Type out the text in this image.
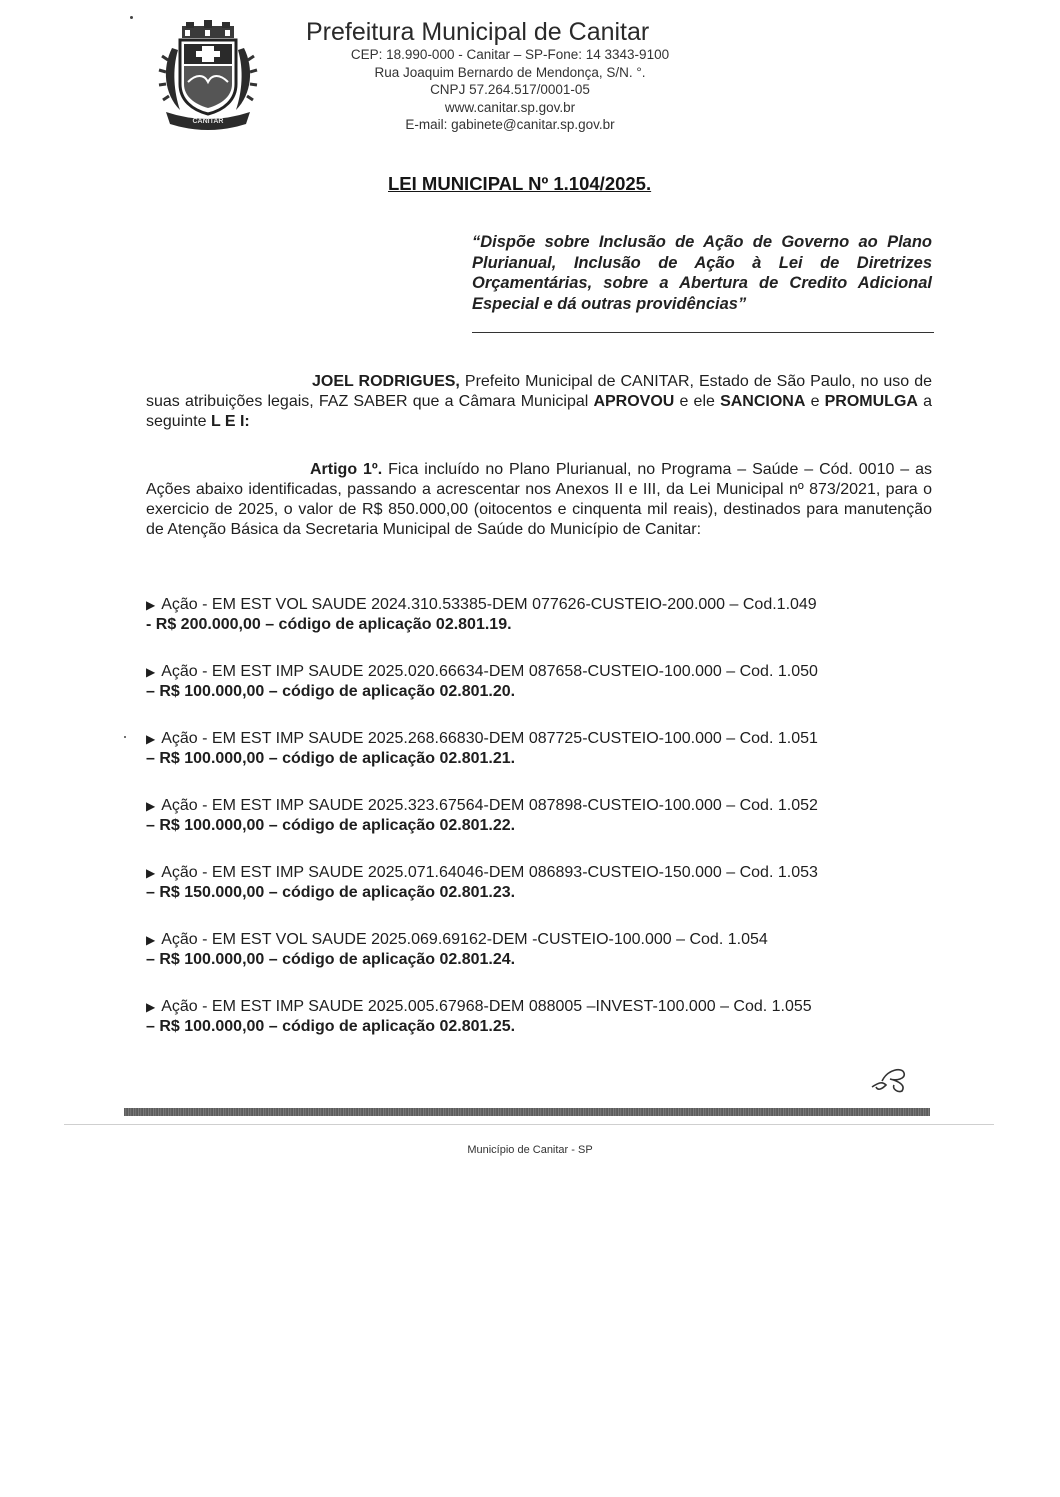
CANITAR
Prefeitura Municipal de Canitar
CEP: 18.990-000 - Canitar – SP-Fone: 14 3343-9100
Rua Joaquim Bernardo de Mendonça, S/N. °.
CNPJ 57.264.517/0001-05
www.canitar.sp.gov.br
E-mail: gabinete@canitar.sp.gov.br
LEI MUNICIPAL Nº 1.104/2025.
“Dispõe sobre Inclusão de Ação de Governo ao Plano Plurianual, Inclusão de Ação à Lei de Diretrizes Orçamentárias, sobre a Abertura de Credito Adicional Especial e dá outras providências”
JOEL RODRIGUES, Prefeito Municipal de CANITAR, Estado de São Paulo, no uso de suas atribuições legais, FAZ SABER que a Câmara Municipal APROVOU e ele SANCIONA e PROMULGA a seguinte L E I:
Artigo 1º. Fica incluído no Plano Plurianual, no Programa – Saúde – Cód. 0010 – as Ações abaixo identificadas, passando a acrescentar nos Anexos II e III, da Lei Municipal nº 873/2021, para o exercicio de 2025, o valor de R$ 850.000,00 (oitocentos e cinquenta mil reais), destinados para manutenção de Atenção Básica da Secretaria Municipal de Saúde do Município de Canitar:
▶ Ação - EM EST VOL SAUDE 2024.310.53385-DEM 077626-CUSTEIO-200.000 – Cod.1.049
- R$ 200.000,00 – código de aplicação 02.801.19.
▶ Ação - EM EST IMP SAUDE 2025.020.66634-DEM 087658-CUSTEIO-100.000 – Cod. 1.050
– R$ 100.000,00 – código de aplicação 02.801.20.
▶ Ação - EM EST IMP SAUDE 2025.268.66830-DEM 087725-CUSTEIO-100.000 – Cod. 1.051
– R$ 100.000,00 – código de aplicação 02.801.21.
▶ Ação - EM EST IMP SAUDE 2025.323.67564-DEM 087898-CUSTEIO-100.000 – Cod. 1.052
– R$ 100.000,00 – código de aplicação 02.801.22.
▶ Ação - EM EST IMP SAUDE 2025.071.64046-DEM 086893-CUSTEIO-150.000 – Cod. 1.053
– R$ 150.000,00 – código de aplicação 02.801.23.
▶ Ação - EM EST VOL SAUDE 2025.069.69162-DEM -CUSTEIO-100.000 – Cod. 1.054
– R$ 100.000,00 – código de aplicação 02.801.24.
▶ Ação - EM EST IMP SAUDE 2025.005.67968-DEM 088005 –INVEST-100.000 – Cod. 1.055
– R$ 100.000,00 – código de aplicação 02.801.25.
Município de Canitar - SP
